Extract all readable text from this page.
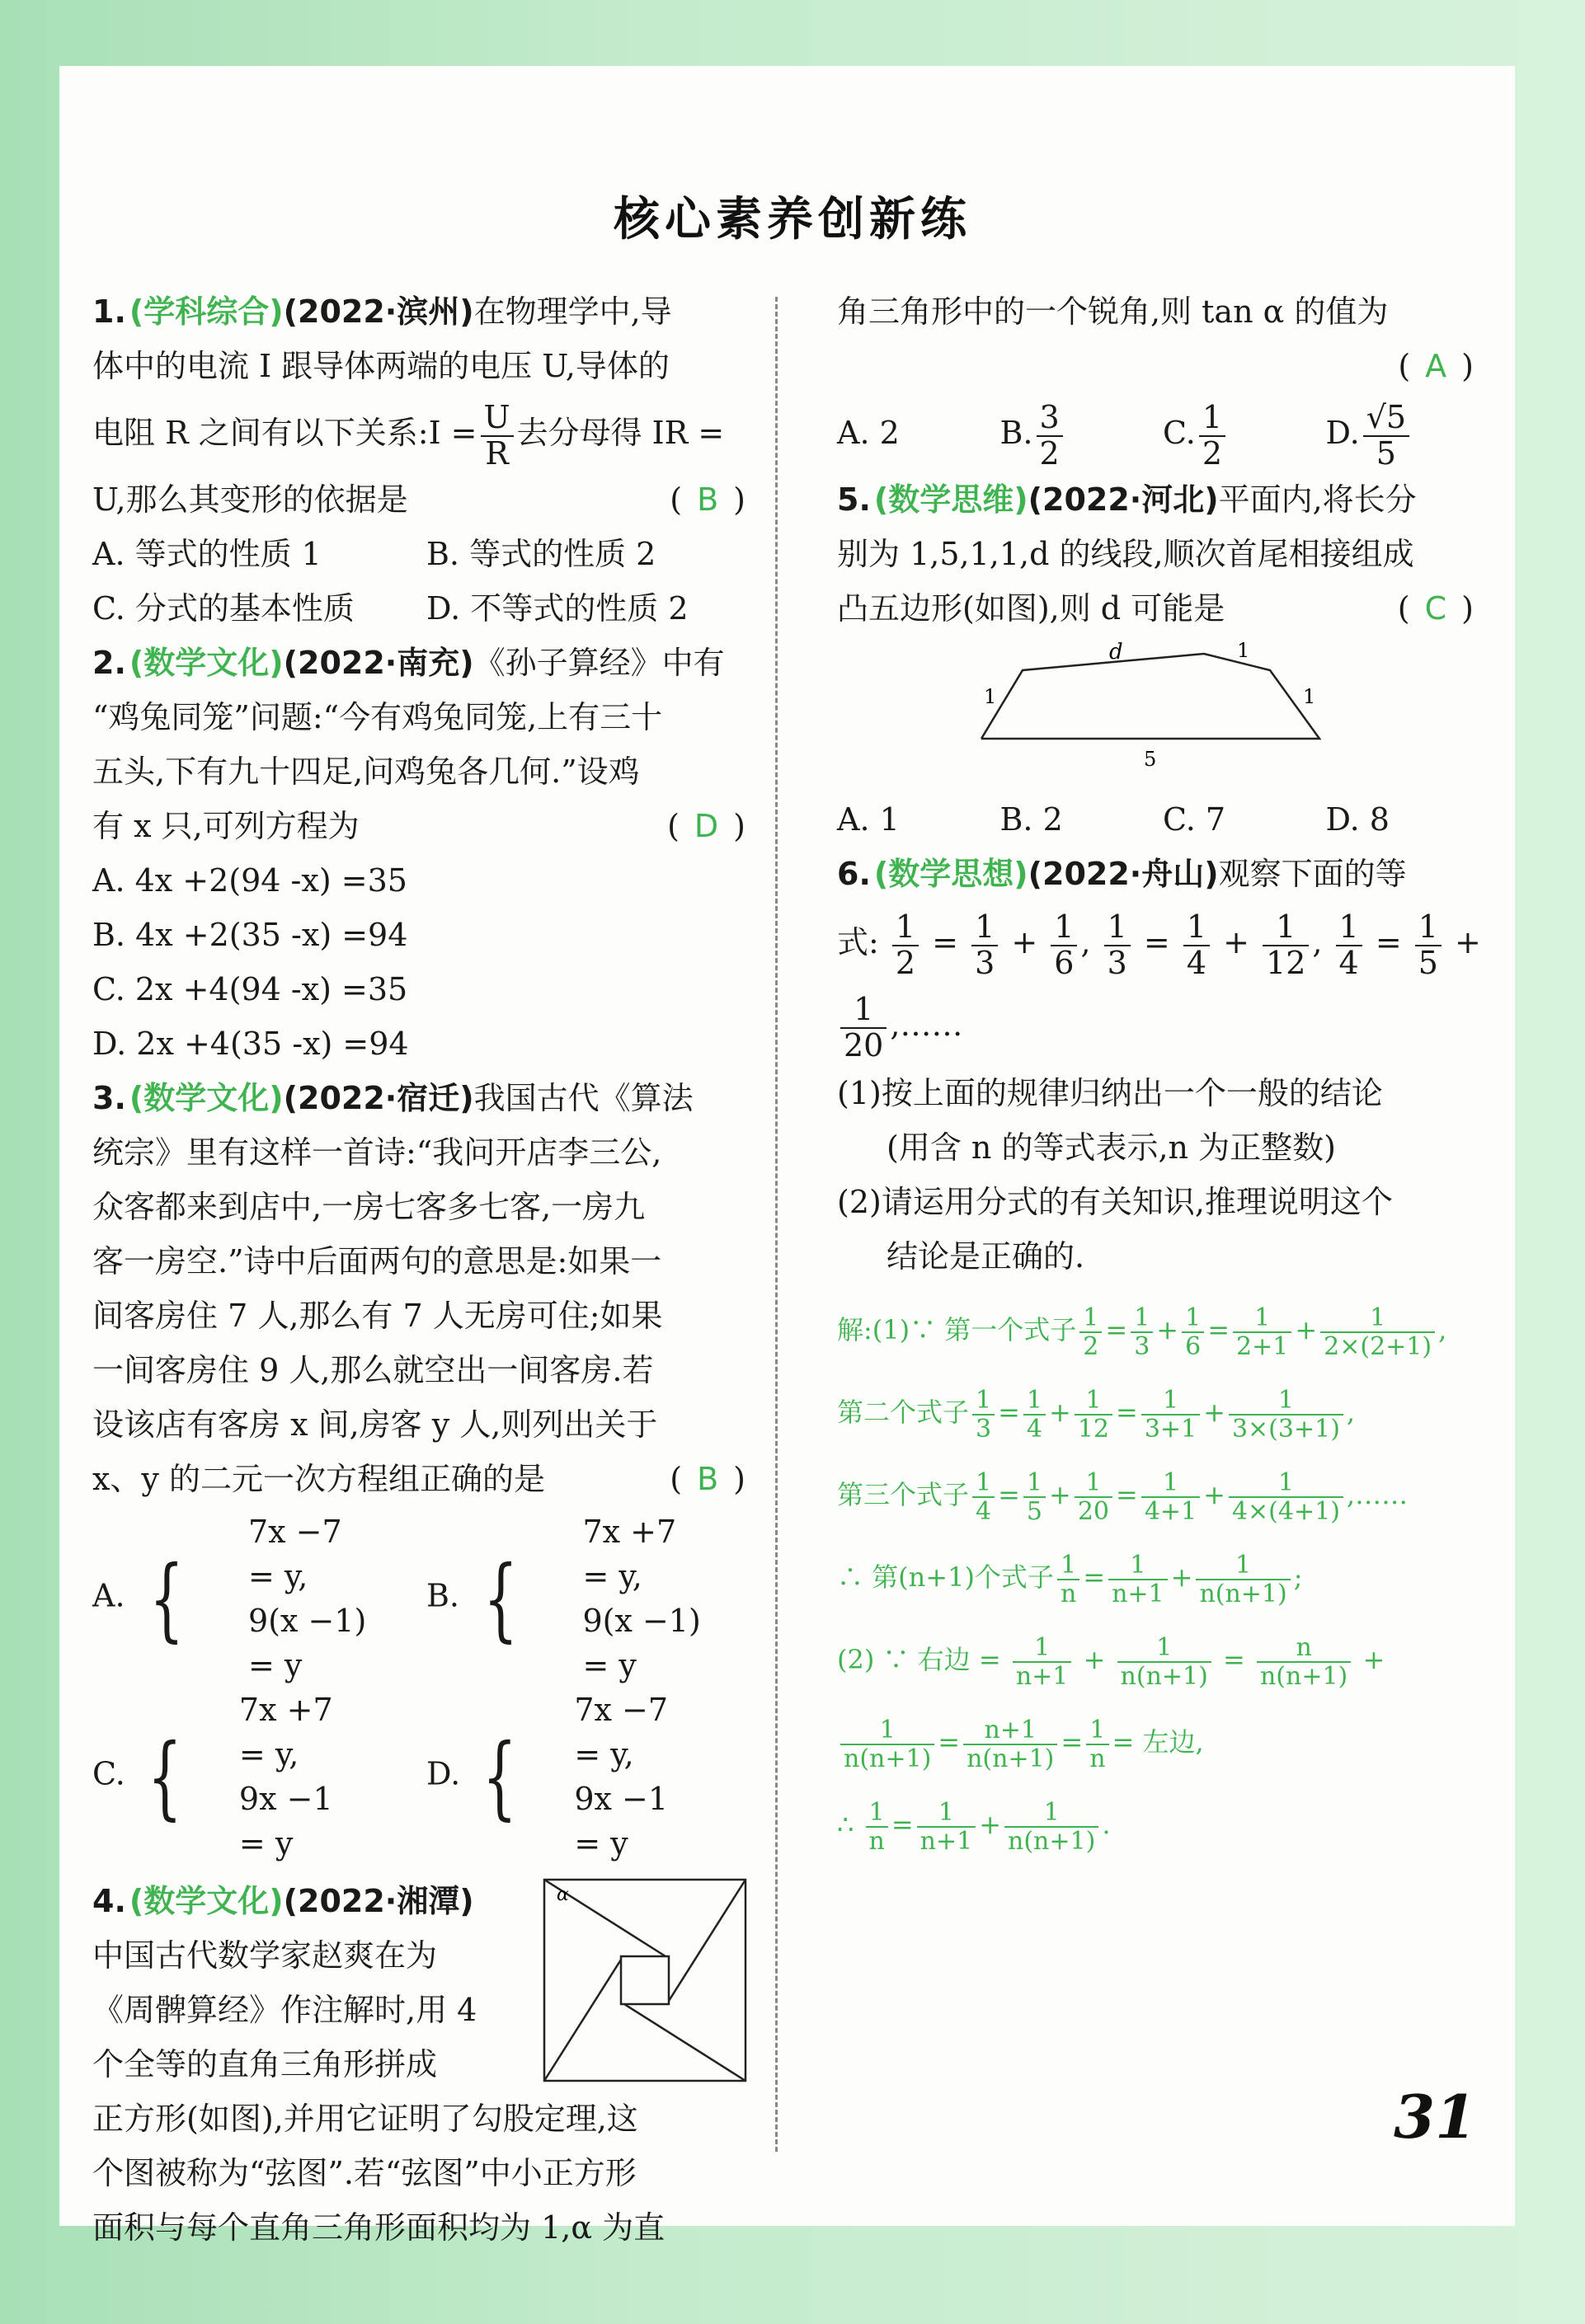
核心素养创新练

1. (学科综合)(2022·滨州)在物理学中,导

体中的电流 I 跟导体两端的电压 U,导体的

电阻 R 之间有以下关系:I = $\frac{U}{R}$ 去分母得 IR =

U,那么其变形的依据是	(B)

A. 等式的性质 1	B. 等式的性质 2

C. 分式的基本性质	D. 不等式的性质 2

2. (数学文化)(2022·南充)《孙子算经》中有

“鸡兔同笼”问题:“今有鸡兔同笼,上有三十

五头,下有九十四足,问鸡兔各几何.”设鸡

有 x 只,可列方程为	(D)

A. 4x +2(94 -x) =35

B. 4x +2(35 -x) =94

C. 2x +4(94 -x) =35

D. 2x +4(35 -x) =94

3. (数学文化)(2022·宿迁)我国古代《算法

统宗》里有这样一首诗:“我问开店李三公,

众客都来到店中,一房七客多七客,一房九

客一房空.”诗中后面两句的意思是:如果一

间客房住 7 人,那么有 7 人无房可住;如果

一间客房住 9 人,那么就空出一间客房.若

设该店有客房 x 间,房客 y 人,则列出关于

x、y 的二元一次方程组正确的是	(B)

A. {
7x −7 = y,
9(x −1) = y
B. {
7x +7 = y,
9(x −1) = y
C. {
7x +7 = y,
9x −1 = y
D. {
7x −7 = y,
9x −1 = y

4. (数学文化)(2022·湘潭)

中国古代数学家赵爽在为

《周髀算经》作注解时,用 4

个全等的直角三角形拼成

正方形(如图),并用它证明了勾股定理,这

个图被称为“弦图”.若“弦图”中小正方形

面积与每个直角三角形面积均为 1,α 为直

α

角三角形中的一个锐角,则 tan α 的值为

(A)

A. 2	B. $\frac{3}{2}$	C. $\frac{1}{2}$	D. $\frac{√5}{5}$

5. (数学思维)(2022·河北)平面内,将长分

别为 1,5,1,1,d 的线段,顺次首尾相接组成

凸五边形(如图),则 d 可能是	(C)

d	1
1	1
5

A. 1	B. 2	C. 7	D. 8

6. (数学思想)(2022·舟山)观察下面的等

式: $\frac{1}{2} = \frac{1}{3} + \frac{1}{6}$ , $\frac{1}{3} = \frac{1}{4} + \frac{1}{12}$ , $\frac{1}{4} = \frac{1}{5}$ +

$\frac{1}{20}$ ,……

(1)按上面的规律归纳出一个一般的结论

(用含 n 的等式表示,n 为正整数)

(2)请运用分式的有关知识,推理说明这个

结论是正确的.

解:(1)∵ 第一个式子 $\frac{1}{2} = \frac{1}{3} + \frac{1}{6} = \frac{1}{2+1} + \frac{1}{2\times(2+1)}$ ,

第二个式子 $\frac{1}{3} = \frac{1}{4} + \frac{1}{12} = \frac{1}{3+1} + \frac{1}{3\times(3+1)}$ ,

第三个式子 $\frac{1}{4} = \frac{1}{5} + \frac{1}{20} = \frac{1}{4+1} + \frac{1}{4\times(4+1)}$ ,……

∴ 第(n+1)个式子 $\frac{1}{n} = \frac{1}{n+1} + \frac{1}{n(n+1)}$ ;

(2) ∵ 右边 = $\frac{1}{n+1} + \frac{1}{n(n+1)} = \frac{n}{n(n+1)}$ +

$\frac{1}{n(n+1)} = \frac{n+1}{n(n+1)} = \frac{1}{n}$ = 左边,

∴ $\frac{1}{n} = \frac{1}{n+1} + \frac{1}{n(n+1)}$ .

31
